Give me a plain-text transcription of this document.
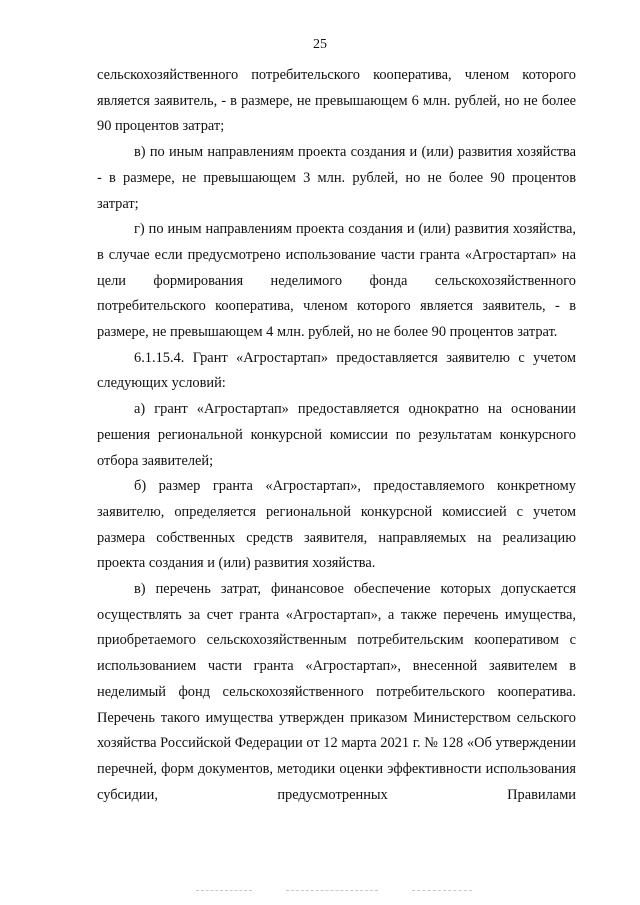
25

сельскохозяйственного потребительского кооператива, членом которого является заявитель, - в размере, не превышающем 6 млн. рублей, но не более 90 процентов затрат;

в) по иным направлениям проекта создания и (или) развития хозяйства - в размере, не превышающем 3 млн. рублей, но не более 90 процентов затрат;

г) по иным направлениям проекта создания и (или) развития хозяйства, в случае если предусмотрено использование части гранта «Агростартап» на цели формирования неделимого фонда сельскохозяйственного потребительского кооператива, членом которого является заявитель, - в размере, не превышающем 4 млн. рублей, но не более 90 процентов затрат.

6.1.15.4. Грант «Агростартап» предоставляется заявителю с учетом следующих условий:

а) грант «Агростартап» предоставляется однократно на основании решения региональной конкурсной комиссии по результатам конкурсного отбора заявителей;

б) размер гранта «Агростартап», предоставляемого конкретному заявителю, определяется региональной конкурсной комиссией с учетом размера собственных средств заявителя, направляемых на реализацию проекта создания и (или) развития хозяйства.

в) перечень затрат, финансовое обеспечение которых допускается осуществлять за счет гранта «Агростартап», а также перечень имущества, приобретаемого сельскохозяйственным потребительским кооперативом с использованием части гранта «Агростартап», внесенной заявителем в неделимый фонд сельскохозяйственного потребительского кооператива. Перечень такого имущества утвержден приказом Министерством сельского хозяйства Российской Федерации от 12 марта 2021 г. № 128 «Об утверждении перечней, форм документов, методики оценки эффективности использования субсидии, предусмотренных Правилами
